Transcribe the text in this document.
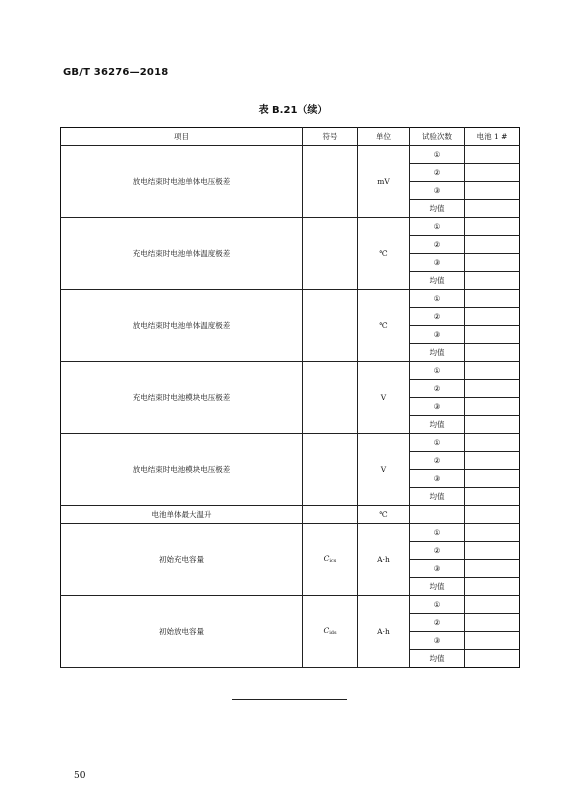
GB/T 36276—2018
表 B.21（续）
项目	符号	单位	试验次数	电池 1 #
放电结束时电池单体电压极差		mV	①	
			②	
			③	
			均值	
充电结束时电池单体温度极差		℃	①	
			②	
			③	
			均值	
放电结束时电池单体温度极差		℃	①	
			②	
			③	
			均值	
充电结束时电池模块电压极差		V	①	
			②	
			③	
			均值	
放电结束时电池模块电压极差		V	①	
			②	
			③	
			均值	
电池单体最大温升		℃		
初始充电容量	$C_{ics}$	A·h	①	
			②	
			③	
			均值	
初始放电容量	$C_{ids}$	A·h	①	
			②	
			③	
			均值	
50
